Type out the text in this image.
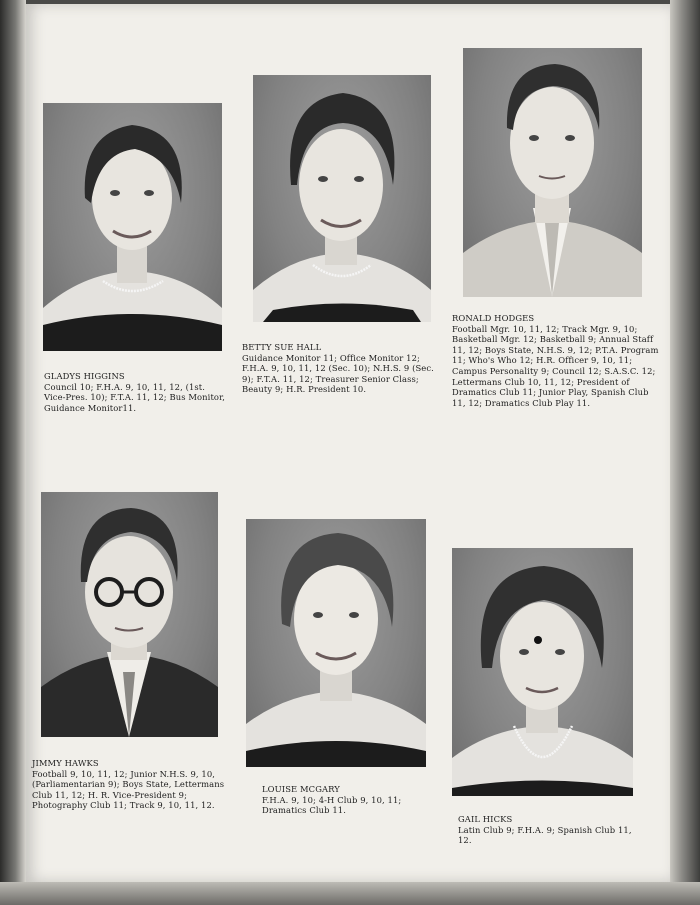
GLADYS HIGGINS
Council 10; F.H.A. 9, 10, 11, 12, (1st. Vice-Pres. 10); F.T.A. 11, 12; Bus Monitor, Guidance Monitor11.
BETTY SUE HALL
Guidance Monitor 11; Office Monitor 12; F.H.A. 9, 10, 11, 12 (Sec. 10); N.H.S. 9 (Sec. 9); F.T.A. 11, 12; Treasurer Senior Class; Beauty 9; H.R. President 10.
RONALD HODGES
Football Mgr. 10, 11, 12; Track Mgr. 9, 10; Basketball Mgr. 12; Basketball 9; Annual Staff 11, 12; Boys State, N.H.S. 9, 12; P.T.A. Program 11; Who's Who 12; H.R. Officer 9, 10, 11; Campus Personality 9; Council 12; S.A.S.C. 12; Lettermans Club 10, 11, 12; President of Dramatics Club 11; Junior Play, Spanish Club 11, 12; Dramatics Club Play 11.
JIMMY HAWKS
Football 9, 10, 11, 12; Junior N.H.S. 9, 10, (Parliamentarian 9); Boys State, Lettermans Club 11, 12; H. R. Vice-President 9; Photography Club 11; Track 9, 10, 11, 12.
LOUISE MCGARY
F.H.A. 9, 10; 4-H Club 9, 10, 11; Dramatics Club 11.
GAIL HICKS
Latin Club 9; F.H.A. 9; Spanish Club 11, 12.
